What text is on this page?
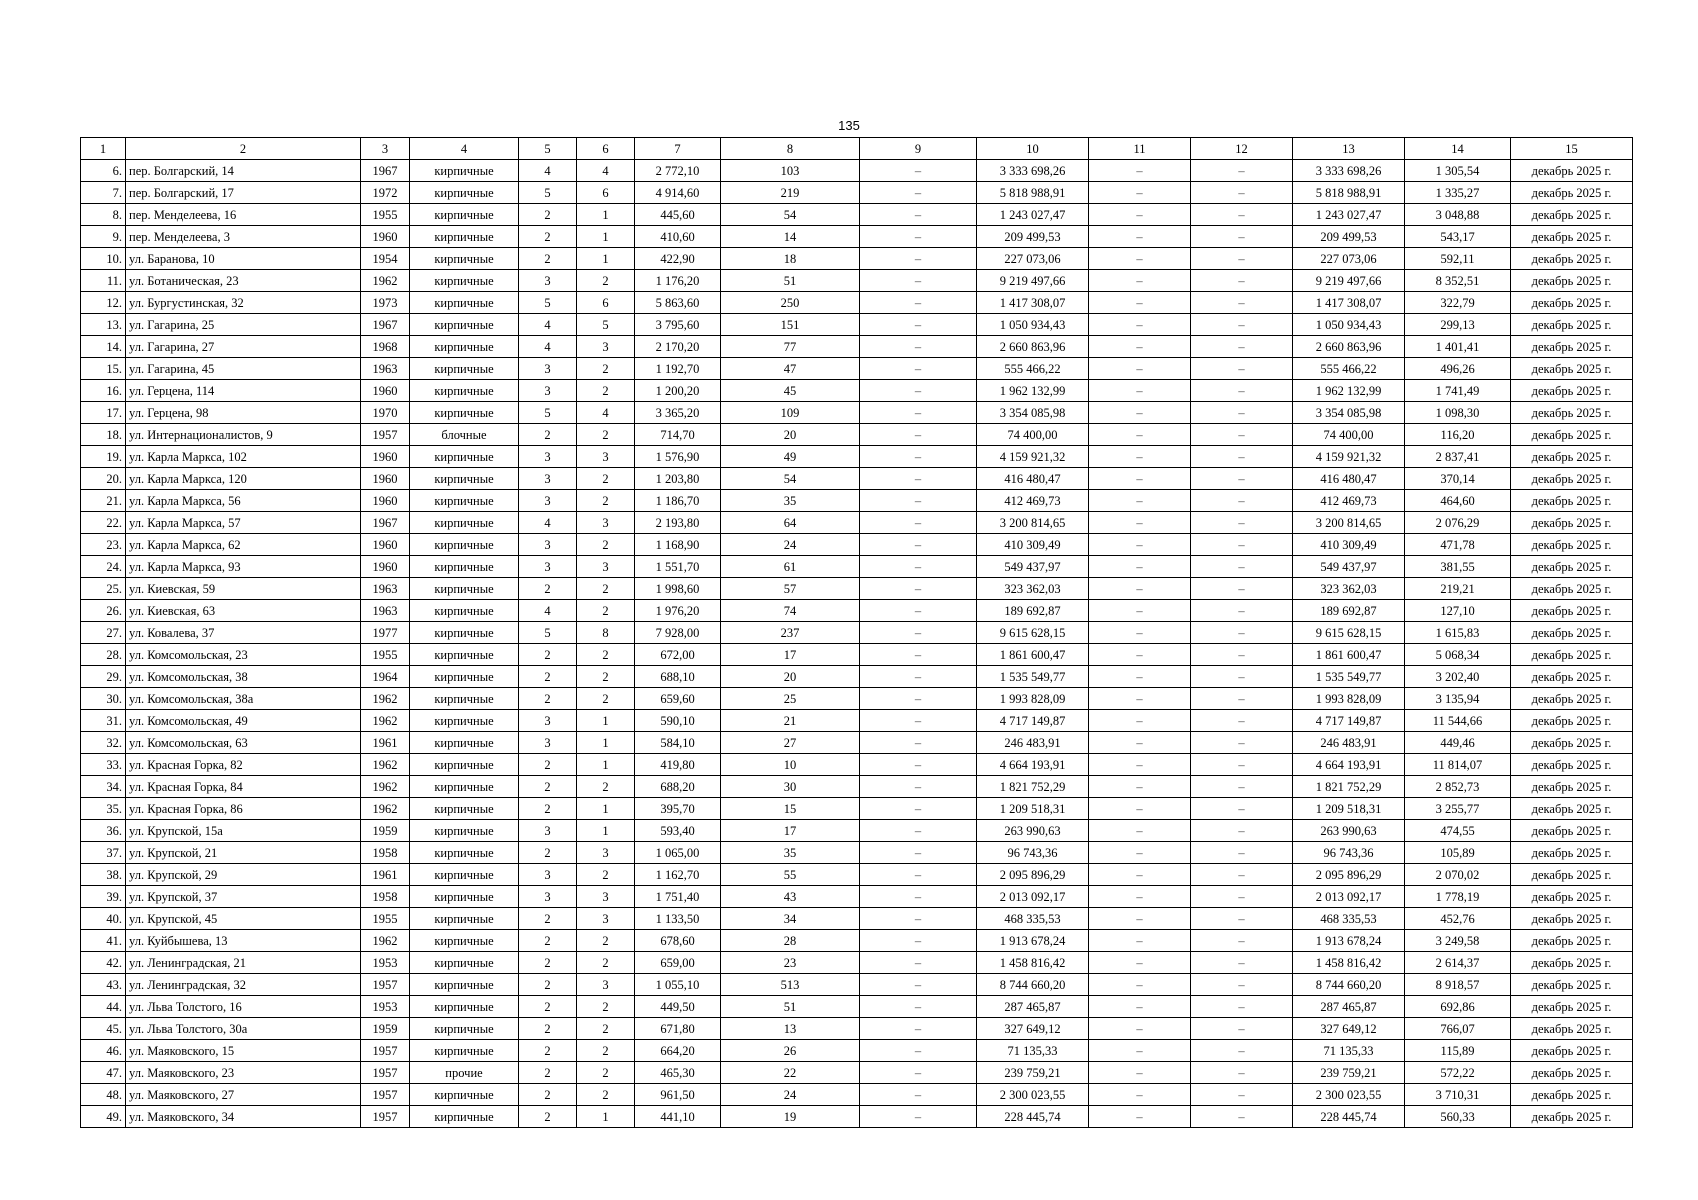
135
1	2	3	4	5	6	7	8	9	10	11	12	13	14	15
6.	пер. Болгарский, 14	1967	кирпичные	4	4	2 772,10	103	–	3 333 698,26	–	–	3 333 698,26	1 305,54	декабрь 2025 г.
7.	пер. Болгарский, 17	1972	кирпичные	5	6	4 914,60	219	–	5 818 988,91	–	–	5 818 988,91	1 335,27	декабрь 2025 г.
8.	пер. Менделеева, 16	1955	кирпичные	2	1	445,60	54	–	1 243 027,47	–	–	1 243 027,47	3 048,88	декабрь 2025 г.
9.	пер. Менделеева, 3	1960	кирпичные	2	1	410,60	14	–	209 499,53	–	–	209 499,53	543,17	декабрь 2025 г.
10.	ул. Баранова, 10	1954	кирпичные	2	1	422,90	18	–	227 073,06	–	–	227 073,06	592,11	декабрь 2025 г.
11.	ул. Ботаническая, 23	1962	кирпичные	3	2	1 176,20	51	–	9 219 497,66	–	–	9 219 497,66	8 352,51	декабрь 2025 г.
12.	ул. Бургустинская, 32	1973	кирпичные	5	6	5 863,60	250	–	1 417 308,07	–	–	1 417 308,07	322,79	декабрь 2025 г.
13.	ул. Гагарина, 25	1967	кирпичные	4	5	3 795,60	151	–	1 050 934,43	–	–	1 050 934,43	299,13	декабрь 2025 г.
14.	ул. Гагарина, 27	1968	кирпичные	4	3	2 170,20	77	–	2 660 863,96	–	–	2 660 863,96	1 401,41	декабрь 2025 г.
15.	ул. Гагарина, 45	1963	кирпичные	3	2	1 192,70	47	–	555 466,22	–	–	555 466,22	496,26	декабрь 2025 г.
16.	ул. Герцена, 114	1960	кирпичные	3	2	1 200,20	45	–	1 962 132,99	–	–	1 962 132,99	1 741,49	декабрь 2025 г.
17.	ул. Герцена, 98	1970	кирпичные	5	4	3 365,20	109	–	3 354 085,98	–	–	3 354 085,98	1 098,30	декабрь 2025 г.
18.	ул. Интернационалистов, 9	1957	блочные	2	2	714,70	20	–	74 400,00	–	–	74 400,00	116,20	декабрь 2025 г.
19.	ул. Карла Маркса, 102	1960	кирпичные	3	3	1 576,90	49	–	4 159 921,32	–	–	4 159 921,32	2 837,41	декабрь 2025 г.
20.	ул. Карла Маркса, 120	1960	кирпичные	3	2	1 203,80	54	–	416 480,47	–	–	416 480,47	370,14	декабрь 2025 г.
21.	ул. Карла Маркса, 56	1960	кирпичные	3	2	1 186,70	35	–	412 469,73	–	–	412 469,73	464,60	декабрь 2025 г.
22.	ул. Карла Маркса, 57	1967	кирпичные	4	3	2 193,80	64	–	3 200 814,65	–	–	3 200 814,65	2 076,29	декабрь 2025 г.
23.	ул. Карла Маркса, 62	1960	кирпичные	3	2	1 168,90	24	–	410 309,49	–	–	410 309,49	471,78	декабрь 2025 г.
24.	ул. Карла Маркса, 93	1960	кирпичные	3	3	1 551,70	61	–	549 437,97	–	–	549 437,97	381,55	декабрь 2025 г.
25.	ул. Киевская, 59	1963	кирпичные	2	2	1 998,60	57	–	323 362,03	–	–	323 362,03	219,21	декабрь 2025 г.
26.	ул. Киевская, 63	1963	кирпичные	4	2	1 976,20	74	–	189 692,87	–	–	189 692,87	127,10	декабрь 2025 г.
27.	ул. Ковалева, 37	1977	кирпичные	5	8	7 928,00	237	–	9 615 628,15	–	–	9 615 628,15	1 615,83	декабрь 2025 г.
28.	ул. Комсомольская, 23	1955	кирпичные	2	2	672,00	17	–	1 861 600,47	–	–	1 861 600,47	5 068,34	декабрь 2025 г.
29.	ул. Комсомольская, 38	1964	кирпичные	2	2	688,10	20	–	1 535 549,77	–	–	1 535 549,77	3 202,40	декабрь 2025 г.
30.	ул. Комсомольская, 38а	1962	кирпичные	2	2	659,60	25	–	1 993 828,09	–	–	1 993 828,09	3 135,94	декабрь 2025 г.
31.	ул. Комсомольская, 49	1962	кирпичные	3	1	590,10	21	–	4 717 149,87	–	–	4 717 149,87	11 544,66	декабрь 2025 г.
32.	ул. Комсомольская, 63	1961	кирпичные	3	1	584,10	27	–	246 483,91	–	–	246 483,91	449,46	декабрь 2025 г.
33.	ул. Красная Горка, 82	1962	кирпичные	2	1	419,80	10	–	4 664 193,91	–	–	4 664 193,91	11 814,07	декабрь 2025 г.
34.	ул. Красная Горка, 84	1962	кирпичные	2	2	688,20	30	–	1 821 752,29	–	–	1 821 752,29	2 852,73	декабрь 2025 г.
35.	ул. Красная Горка, 86	1962	кирпичные	2	1	395,70	15	–	1 209 518,31	–	–	1 209 518,31	3 255,77	декабрь 2025 г.
36.	ул. Крупской, 15а	1959	кирпичные	3	1	593,40	17	–	263 990,63	–	–	263 990,63	474,55	декабрь 2025 г.
37.	ул. Крупской, 21	1958	кирпичные	2	3	1 065,00	35	–	96 743,36	–	–	96 743,36	105,89	декабрь 2025 г.
38.	ул. Крупской, 29	1961	кирпичные	3	2	1 162,70	55	–	2 095 896,29	–	–	2 095 896,29	2 070,02	декабрь 2025 г.
39.	ул. Крупской, 37	1958	кирпичные	3	3	1 751,40	43	–	2 013 092,17	–	–	2 013 092,17	1 778,19	декабрь 2025 г.
40.	ул. Крупской, 45	1955	кирпичные	2	3	1 133,50	34	–	468 335,53	–	–	468 335,53	452,76	декабрь 2025 г.
41.	ул. Куйбышева, 13	1962	кирпичные	2	2	678,60	28	–	1 913 678,24	–	–	1 913 678,24	3 249,58	декабрь 2025 г.
42.	ул. Ленинградская, 21	1953	кирпичные	2	2	659,00	23	–	1 458 816,42	–	–	1 458 816,42	2 614,37	декабрь 2025 г.
43.	ул. Ленинградская, 32	1957	кирпичные	2	3	1 055,10	513	–	8 744 660,20	–	–	8 744 660,20	8 918,57	декабрь 2025 г.
44.	ул. Льва Толстого, 16	1953	кирпичные	2	2	449,50	51	–	287 465,87	–	–	287 465,87	692,86	декабрь 2025 г.
45.	ул. Льва Толстого, 30а	1959	кирпичные	2	2	671,80	13	–	327 649,12	–	–	327 649,12	766,07	декабрь 2025 г.
46.	ул. Маяковского, 15	1957	кирпичные	2	2	664,20	26	–	71 135,33	–	–	71 135,33	115,89	декабрь 2025 г.
47.	ул. Маяковского, 23	1957	прочие	2	2	465,30	22	–	239 759,21	–	–	239 759,21	572,22	декабрь 2025 г.
48.	ул. Маяковского, 27	1957	кирпичные	2	2	961,50	24	–	2 300 023,55	–	–	2 300 023,55	3 710,31	декабрь 2025 г.
49.	ул. Маяковского, 34	1957	кирпичные	2	1	441,10	19	–	228 445,74	–	–	228 445,74	560,33	декабрь 2025 г.
